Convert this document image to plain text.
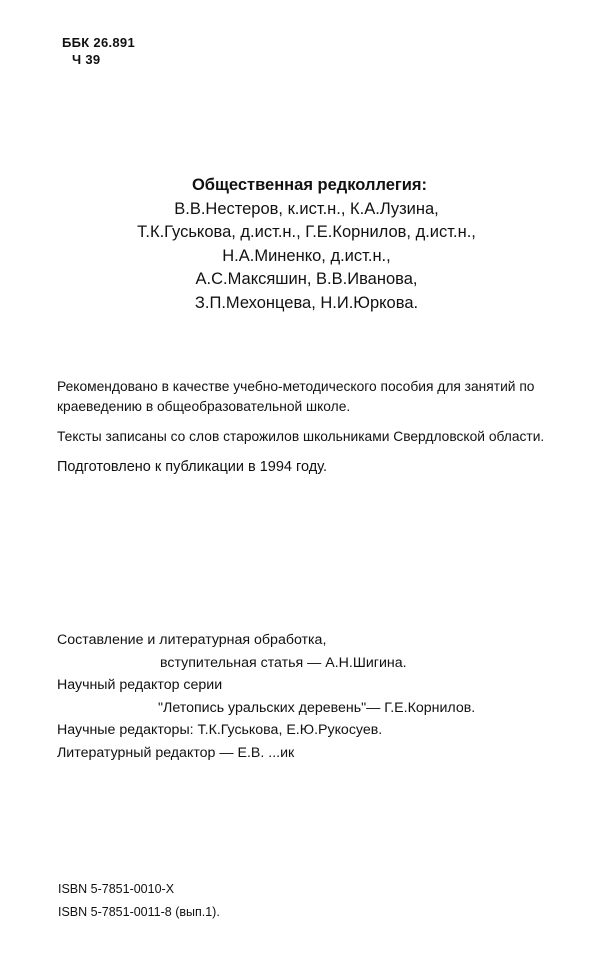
ББК 26.891
Ч 39
Общественная редколлегия:
В.В.Нестеров, к.ист.н., К.А.Лузина,
Т.К.Гуськова, д.ист.н., Г.Е.Корнилов, д.ист.н.,
Н.А.Миненко, д.ист.н.,
А.С.Максяшин, В.В.Иванова,
З.П.Мехонцева, Н.И.Юркова.

Рекомендовано в качестве учебно-методического пособия для занятий по краеведению в общеобразовательной школе.

Тексты записаны со слов старожилов школьниками Свердловской области.

Подготовлено к публикации в 1994 году.

Составление и литературная обработка,
вступительная статья — А.Н.Шигина.
Научный редактор серии
"Летопись уральских деревень"— Г.Е.Корнилов.
Научные редакторы: Т.К.Гуськова, Е.Ю.Рукосуев.
Литературный редактор — Е.В. ...ик
ISBN 5-7851-0010-X
ISBN 5-7851-0011-8 (вып.1).
